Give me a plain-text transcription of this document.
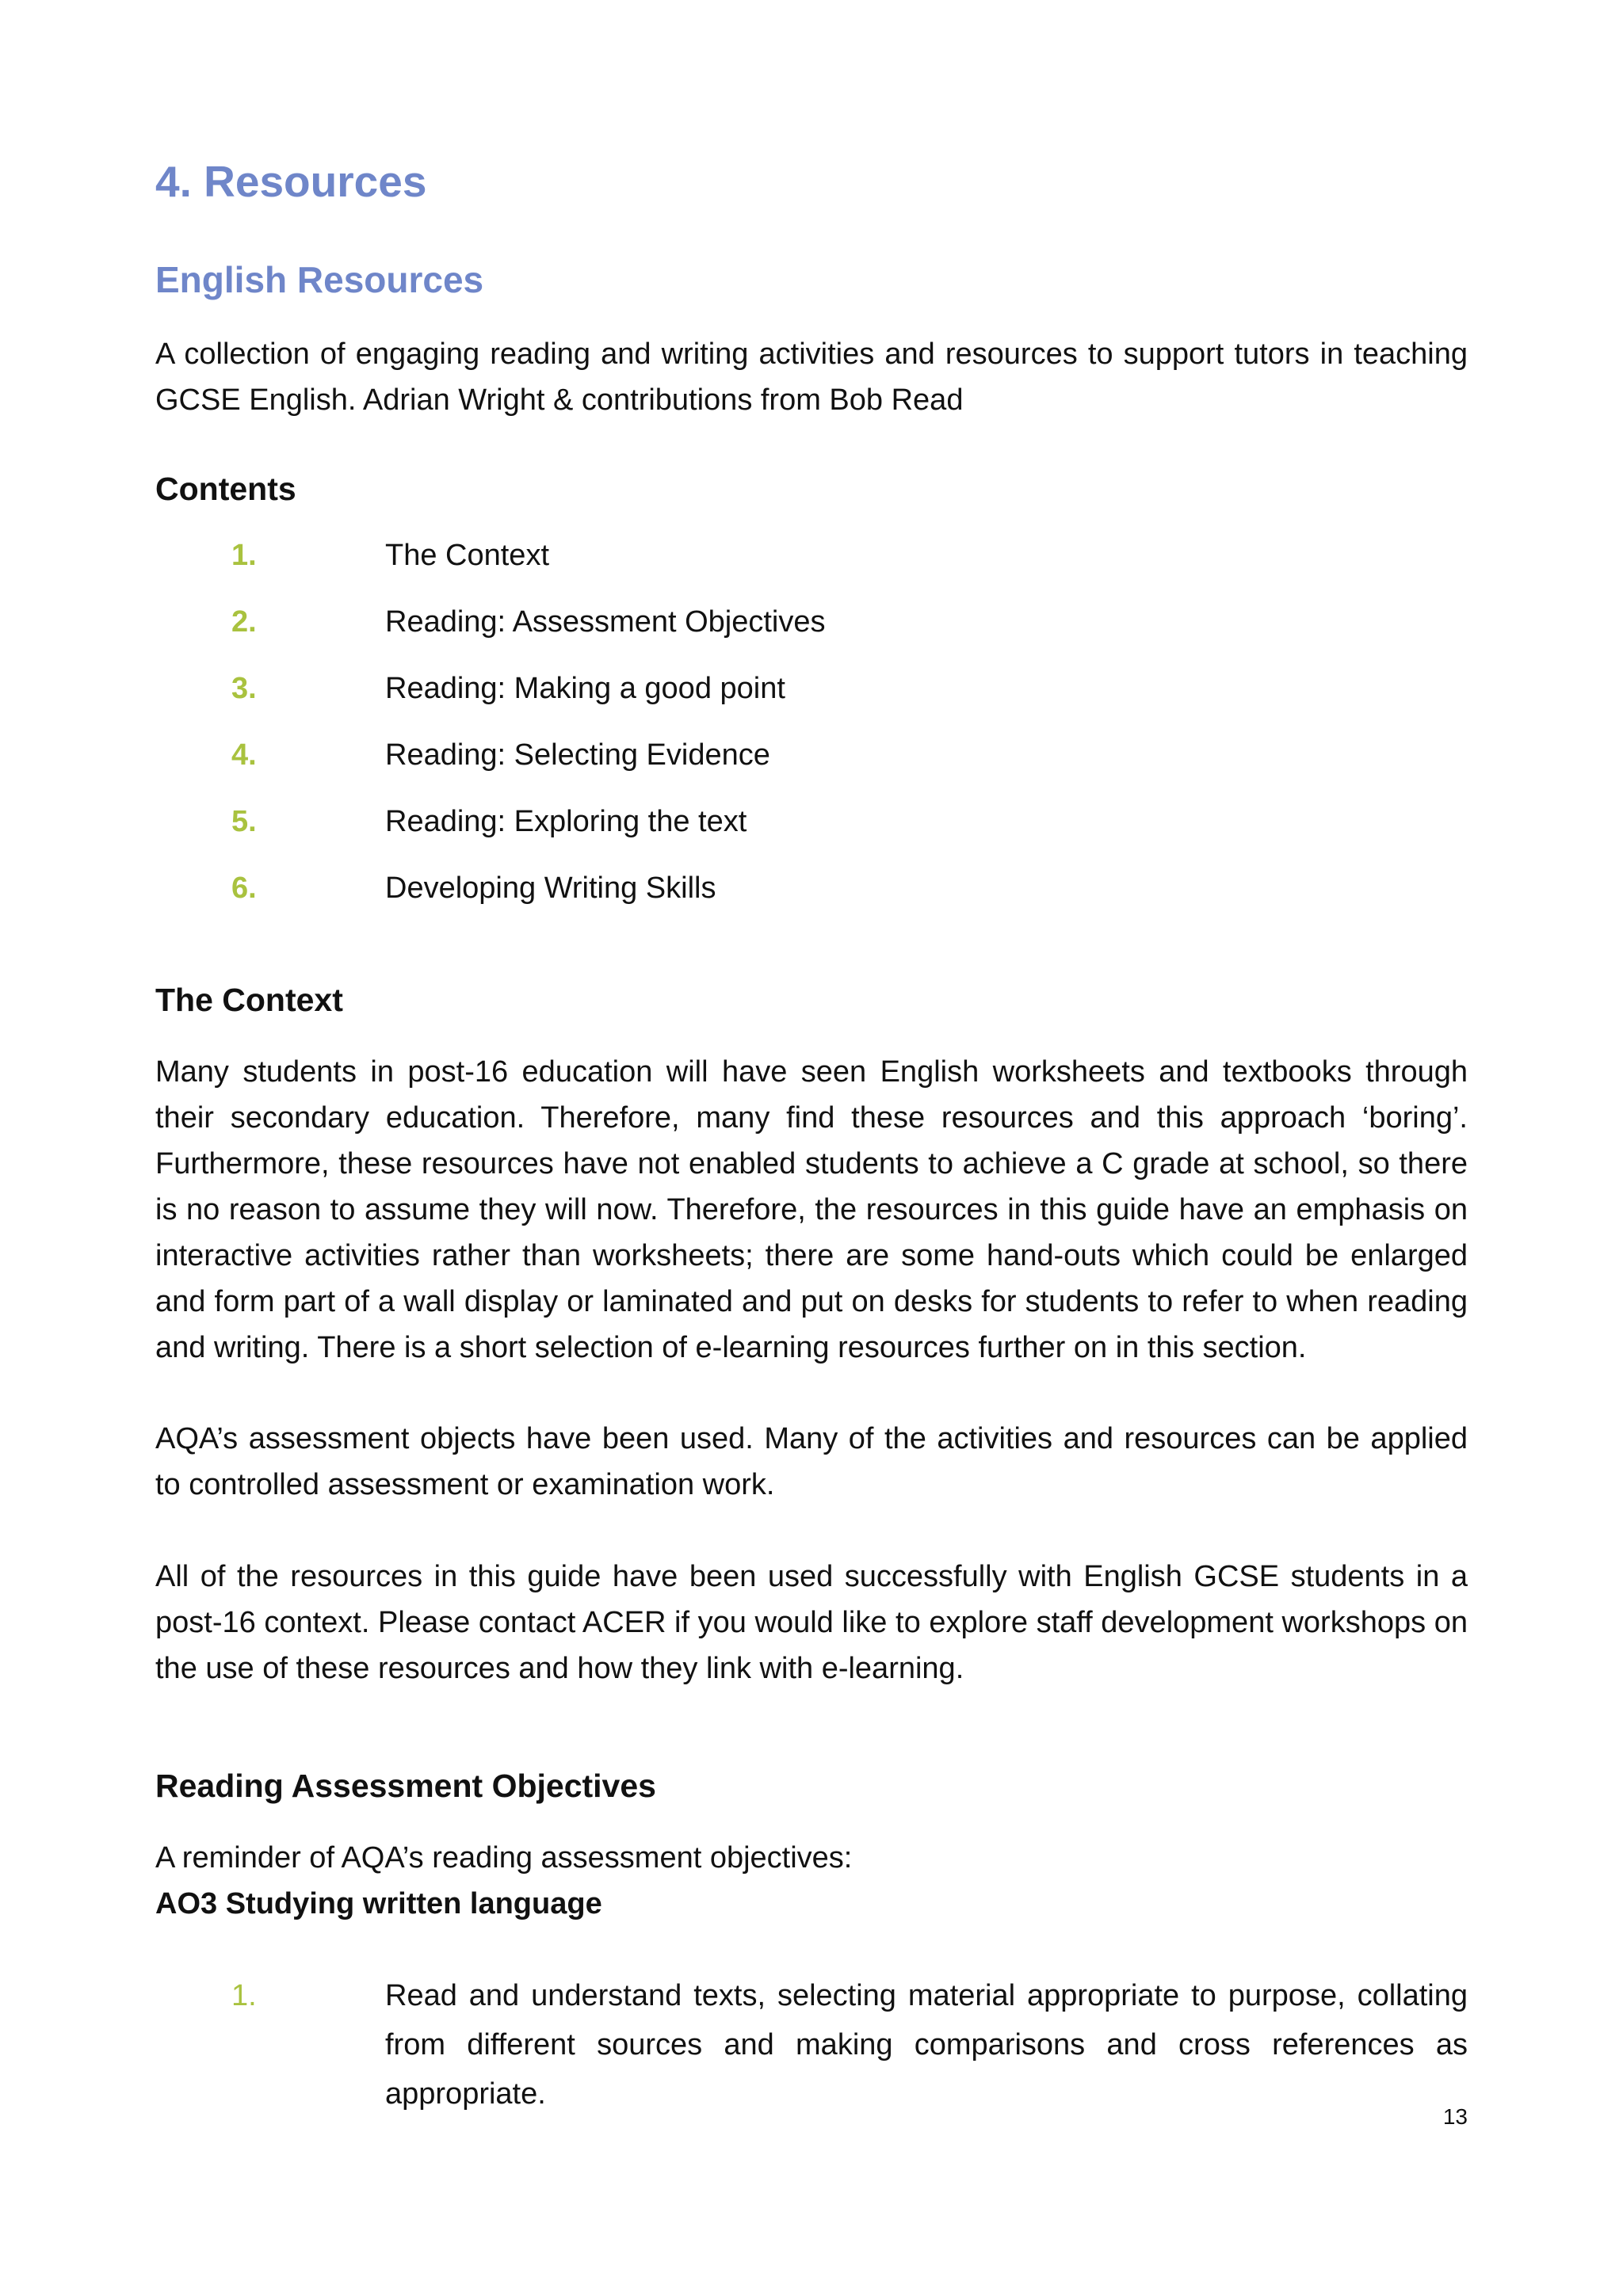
4. Resources
English Resources

A collection of engaging reading and writing activities and resources to support tutors in teaching GCSE English. Adrian Wright & contributions from Bob Read

Contents
1.	The Context
2.	Reading: Assessment Objectives
3.	Reading: Making a good point
4.	Reading: Selecting Evidence
5.	Reading: Exploring the text
6.	Developing Writing Skills
The Context

Many students in post-16 education will have seen English worksheets and textbooks through their secondary education. Therefore, many find these resources and this approach ‘boring’. Furthermore, these resources have not enabled students to achieve a C grade at school, so there is no reason to assume they will now. Therefore, the resources in this guide have an emphasis on interactive activities rather than worksheets; there are some hand-outs which could be enlarged and form part of a wall display or laminated and put on desks for students to refer to when reading and writing. There is a short selection of e-learning resources further on in this section.

AQA’s assessment objects have been used. Many of the activities and resources can be applied to controlled assessment or examination work.

All of the resources in this guide have been used successfully with English GCSE students in a post-16 context. Please contact ACER if you would like to explore staff development workshops on the use of these resources and how they link with e-learning.

Reading Assessment Objectives

A reminder of AQA’s reading assessment objectives:

AO3 Studying written language

1.	Read and understand texts, selecting material appropriate to purpose, collating from different sources and making comparisons and cross references as appropriate.

13
